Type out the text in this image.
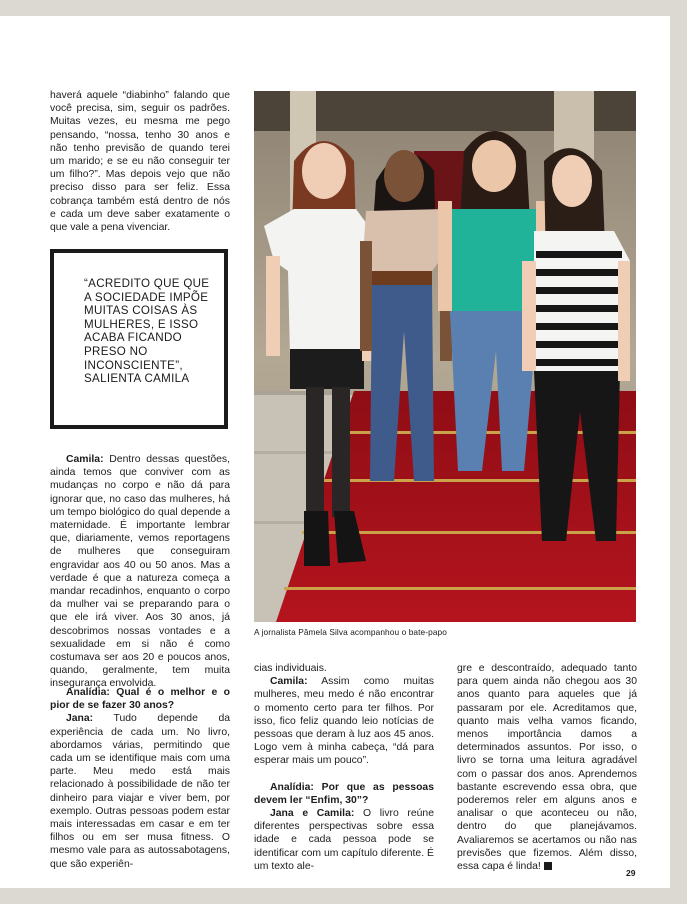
haverá aquele “diabinho” falando que você precisa, sim, seguir os padrões. Muitas vezes, eu mesma me pego pensando, “nossa, tenho 30 anos e não tenho previsão de quando terei um marido; e se eu não conseguir ter um filho?”. Mas depois vejo que não preciso disso para ser feliz. Essa cobrança também está dentro de nós e cada um deve saber exatamente o que vale a pena vivenciar.

“ACREDITO QUE QUE A SOCIEDADE IMPÕE MUITAS COISAS ÀS MULHERES, E ISSO ACABA FICANDO PRESO NO INCONSCIENTE”, SALIENTA CAMILA

Camila: Dentro dessas questões, ainda temos que conviver com as mudanças no corpo e não dá para ignorar que, no caso das mulheres, há um tempo biológico do qual depende a maternidade. É importante lembrar que, diariamente, vemos reportagens de mulheres que conseguiram engravidar aos 40 ou 50 anos. Mas a verdade é que a natureza começa a mandar recadinhos, enquanto o corpo da mulher vai se preparando para o que ele irá viver. Aos 30 anos, já descobrimos nossas vontades e a sexualidade em si não é como costumava ser aos 20 e poucos anos, quando, geralmente, tem muita insegurança envolvida.

Analídia: Qual é o melhor e o pior de se fazer 30 anos?

Jana: Tudo depende da experiência de cada um. No livro, abordamos várias, permitindo que cada um se identifique mais com uma parte. Meu medo está mais relacionado à possibilidade de não ter dinheiro para viajar e viver bem, por exemplo. Outras pessoas podem estar mais interessadas em casar e em ter filhos ou em ser musa fitness. O mesmo vale para as autossabotagens, que são experiên-

A jornalista Pâmela Silva acompanhou o bate-papo

cias individuais.

Camila: Assim como muitas mulheres, meu medo é não encontrar o momento certo para ter filhos. Por isso, fico feliz quando leio notícias de pessoas que deram à luz aos 45 anos. Logo vem à minha cabeça, “dá para esperar mais um pouco”.

Analídia: Por que as pessoas devem ler “Enfim, 30”?

Jana e Camila: O livro reúne diferentes perspectivas sobre essa idade e cada pessoa pode se identificar com um capítulo diferente. É um texto ale-

gre e descontraído, adequado tanto para quem ainda não chegou aos 30 anos quanto para aqueles que já passaram por ele. Acreditamos que, quanto mais velha vamos ficando, menos importância damos a determinados assuntos. Por isso, o livro se torna uma leitura agradável com o passar dos anos. Aprendemos bastante escrevendo essa obra, que poderemos reler em alguns anos e analisar o que aconteceu ou não, dentro do que planejávamos. Avaliaremos se acertamos ou não nas previsões que fizemos. Além disso, essa capa é linda!

29
